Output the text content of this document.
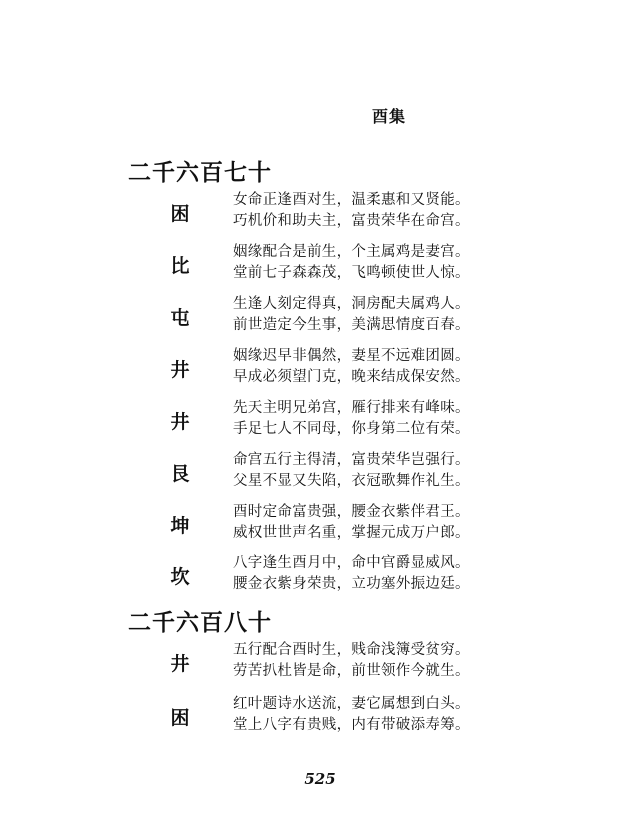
酉集
二千六百七十
困
女命正逢酉对生，温柔惠和又贤能。
巧机价和助夫主，富贵荣华在命宫。
比
姻缘配合是前生，个主属鸡是妻宫。
堂前七子森森茂，飞鸣顿使世人惊。
屯
生逢人刻定得真，洞房配夫属鸡人。
前世造定今生事，美满思情度百春。
井
姻缘迟早非偶然，妻星不远难团圆。
早成必须望门克，晚来结成保安然。
井
先天主明兄弟宫，雁行排来有峰味。
手足七人不同母，你身第二位有荣。
艮
命宫五行主得清，富贵荣华岂强行。
父星不显又失陷，衣冠歌舞作礼生。
坤
酉时定命富贵强，腰金衣紫伴君王。
威权世世声名重，掌握元成万户郎。
坎
八字逢生酉月中，命中官爵显威风。
腰金衣紫身荣贵，立功塞外振边廷。
二千六百八十
井
五行配合酉时生，贱命浅簿受贫穷。
劳苦扒杜皆是命，前世领作今就生。
困
红叶题诗水送流，妻它属想到白头。
堂上八字有贵贱，内有带破添寿筹。
525
